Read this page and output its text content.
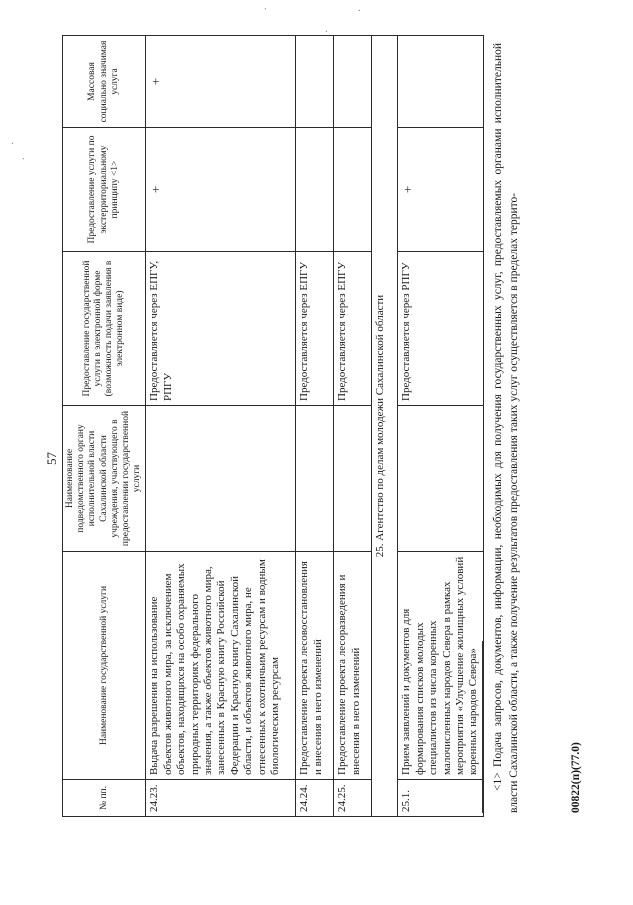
57
№ пп.	Наименование государственной услуги	Наименование подведомственного органу исполнительной власти Сахалинской области учреждения, участвующего в предоставлении государственной услуги	Предоставление государственной услуги в электронной форме (возможность подачи заявления в электронном виде)	Предоставление услуги по экстерриториальному принципу <1>	Массовая социально значимая услуга
24.23.	Выдача разрешения на использование объектов животного мира, за исключением объектов, находящихся на особо охраняемых природных территориях федерального значения, а также объектов животного мира, занесенных в Красную книгу Российской Федерации и Красную книгу Сахалинской области, и объектов животного мира, не отнесенных к охотничьим ресурсам и водным биологическим ресурсам		Предоставляется через ЕПГУ, РПГУ	+	+
24.24.	Предоставление проекта лесовосстановления и внесения в него изменений		Предоставляется через ЕПГУ		
24.25.	Предоставление проекта лесоразведения и внесения в него изменений		Предоставляется через ЕПГУ		
25. Агентство по делам молодежи Сахалинской области					
25.1.	Прием заявлений и документов для формирования списков молодых специалистов из числа коренных малочисленных народов Севера в рамках мероприятия «Улучшение жилищных условий коренных народов Севера»		Предоставляется через РПГУ	+		<1> Подача запросов, документов, информации, необходимых для получения государственных услуг, предоставляемых органами исполнительной власти Сахалинской области, а также получение результатов предоставления таких услуг осуществляется в пределах террито-	00822(п)(77.0)
.
·
·
·
.
